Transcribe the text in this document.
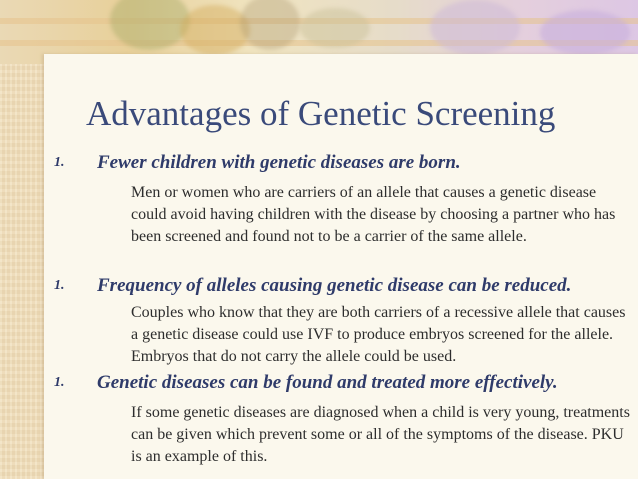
Advantages of Genetic Screening
1. Fewer children with genetic diseases are born.

Men or women who are carriers of an allele that causes a genetic disease could avoid having children with the disease by choosing a partner who has been screened and found not to be a carrier of the same allele.

1. Frequency of alleles causing genetic disease can be reduced.

Couples who know that they are both carriers of a recessive allele that causes a genetic disease could use IVF to produce embryos screened for the allele. Embryos that do not carry the allele could be used.

1. Genetic diseases can be found and treated more effectively.

If some genetic diseases are diagnosed when a child is very young, treatments can be given which prevent some or all of the symptoms of the disease. PKU is an example of this.
